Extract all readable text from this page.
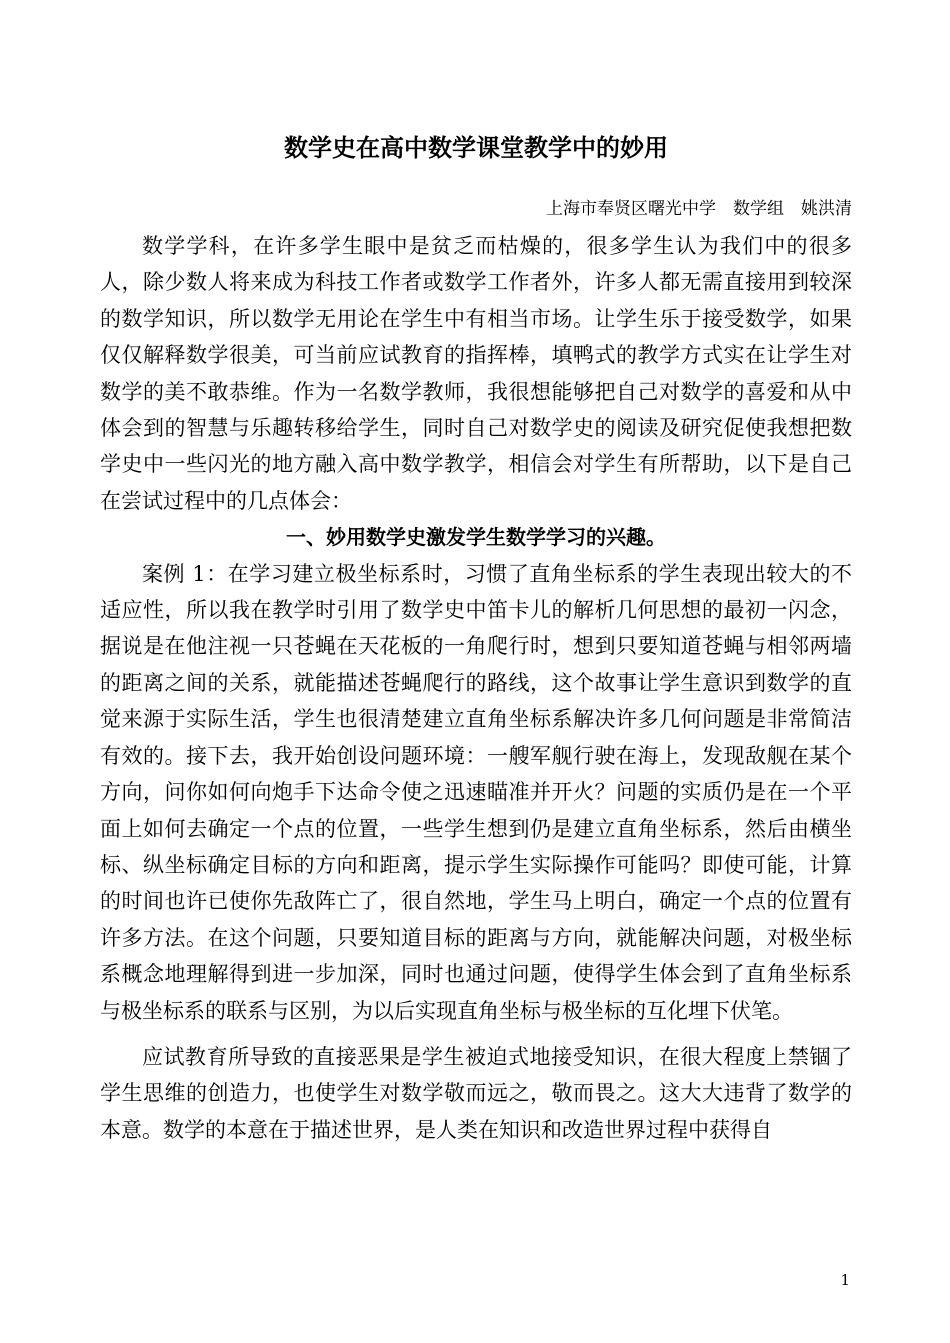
数学史在高中数学课堂教学中的妙用

上海市奉贤区曙光中学　数学组　姚洪清

数学学科，在许多学生眼中是贫乏而枯燥的，很多学生认为我们中的很多人，除少数人将来成为科技工作者或数学工作者外，许多人都无需直接用到较深的数学知识，所以数学无用论在学生中有相当市场。让学生乐于接受数学，如果仅仅解释数学很美，可当前应试教育的指挥棒，填鸭式的教学方式实在让学生对数学的美不敢恭维。作为一名数学教师，我很想能够把自己对数学的喜爱和从中体会到的智慧与乐趣转移给学生，同时自己对数学史的阅读及研究促使我想把数学史中一些闪光的地方融入高中数学教学，相信会对学生有所帮助，以下是自己在尝试过程中的几点体会：

一、妙用数学史激发学生数学学习的兴趣。

案例 1：在学习建立极坐标系时，习惯了直角坐标系的学生表现出较大的不适应性，所以我在教学时引用了数学史中笛卡儿的解析几何思想的最初一闪念，据说是在他注视一只苍蝇在天花板的一角爬行时，想到只要知道苍蝇与相邻两墙的距离之间的关系，就能描述苍蝇爬行的路线，这个故事让学生意识到数学的直觉来源于实际生活，学生也很清楚建立直角坐标系解决许多几何问题是非常简洁有效的。接下去，我开始创设问题环境：一艘军舰行驶在海上，发现敌舰在某个方向，问你如何向炮手下达命令使之迅速瞄准并开火？问题的实质仍是在一个平面上如何去确定一个点的位置，一些学生想到仍是建立直角坐标系，然后由横坐标、纵坐标确定目标的方向和距离，提示学生实际操作可能吗？即使可能，计算的时间也许已使你先敌阵亡了，很自然地，学生马上明白，确定一个点的位置有许多方法。在这个问题，只要知道目标的距离与方向，就能解决问题，对极坐标系概念地理解得到进一步加深，同时也通过问题，使得学生体会到了直角坐标系与极坐标系的联系与区别，为以后实现直角坐标与极坐标的互化埋下伏笔。

应试教育所导致的直接恶果是学生被迫式地接受知识，在很大程度上禁锢了学生思维的创造力，也使学生对数学敬而远之，敬而畏之。这大大违背了数学的本意。数学的本意在于描述世界，是人类在知识和改造世界过程中获得自

1
